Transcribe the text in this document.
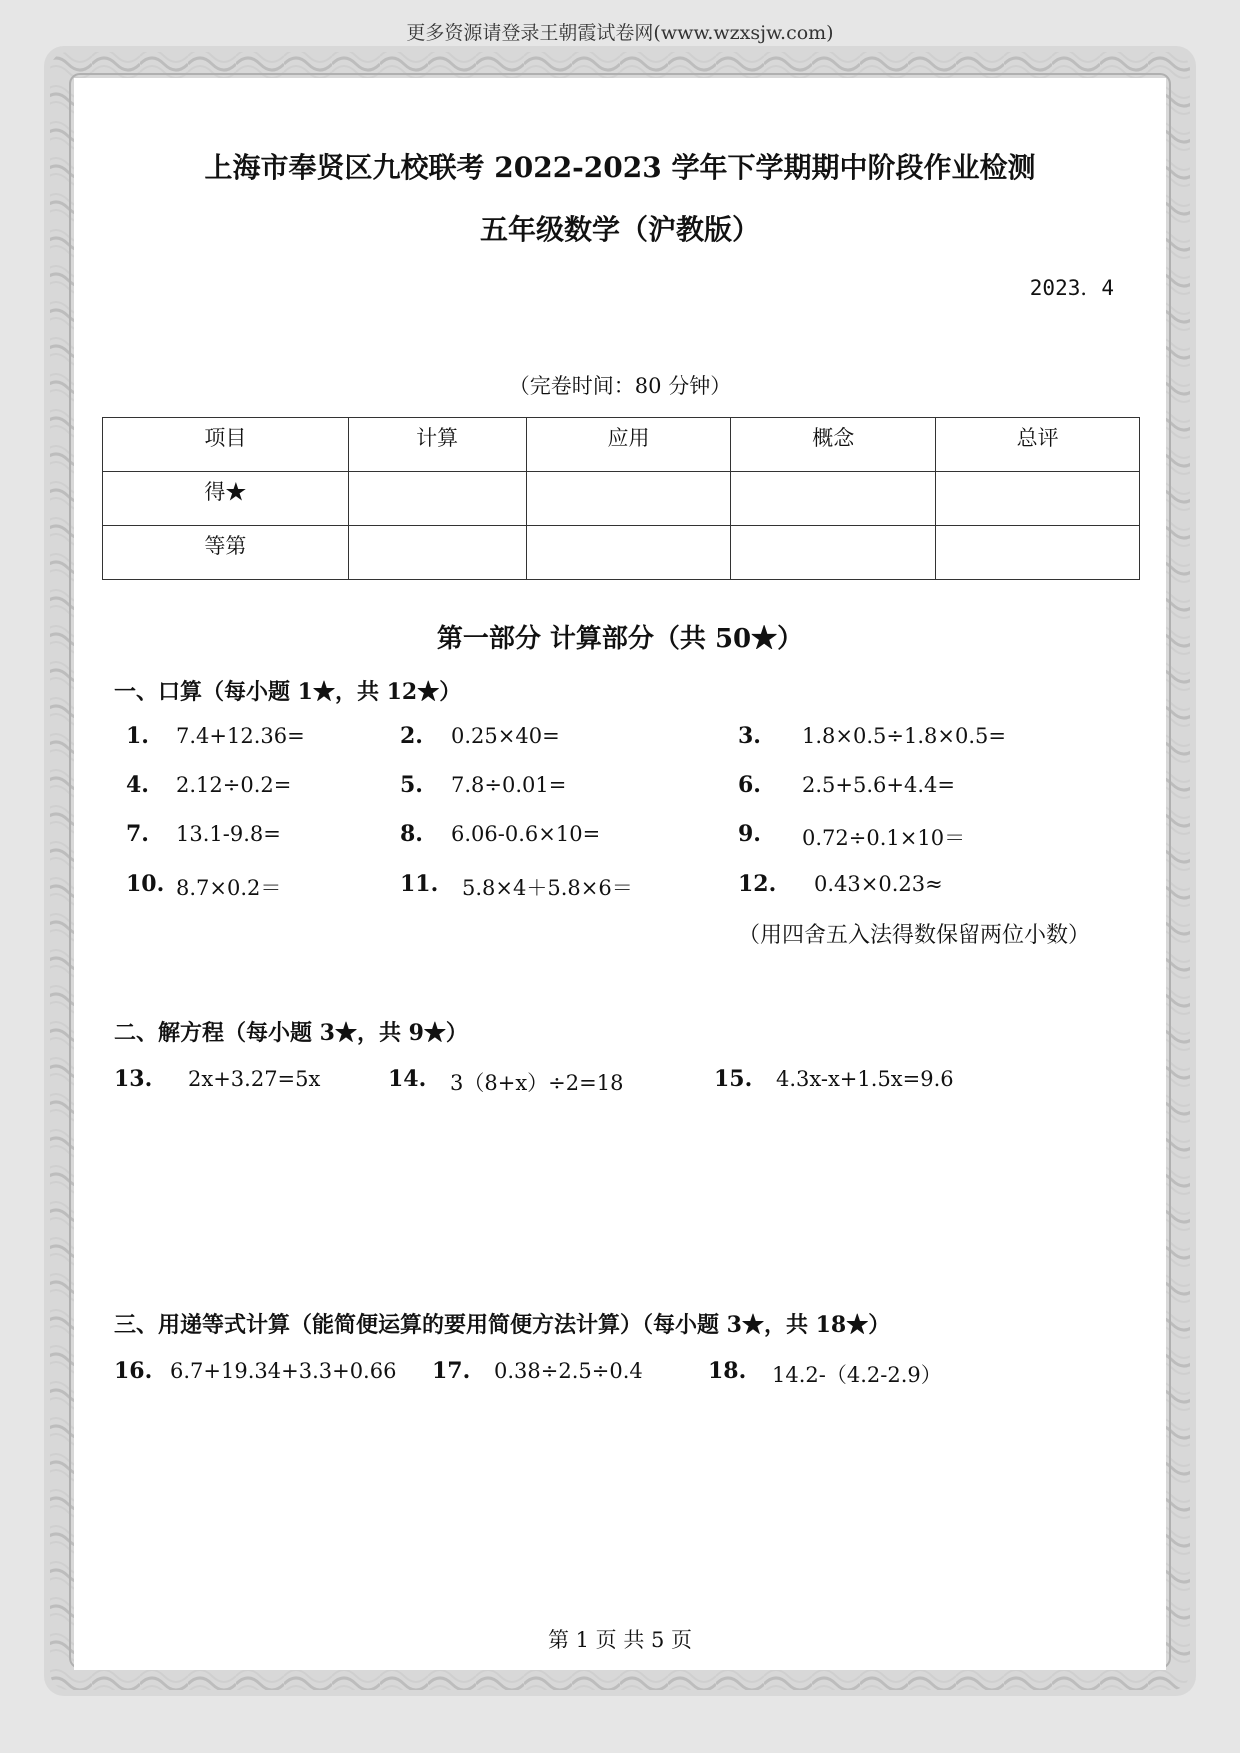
更多资源请登录王朝霞试卷网(www.wzxsjw.com)
上海市奉贤区九校联考 2022-2023 学年下学期期中阶段作业检测
五年级数学（沪教版）
2023．4
（完卷时间：80 分钟）
项目	计算	应用	概念	总评
得★				
等第				
第一部分 计算部分（共 50★）
一、口算（每小题 1★，共 12★）
1. 7.4+12.36=	2. 0.25×40=	3. 1.8×0.5÷1.8×0.5=
4. 2.12÷0.2=	5. 7.8÷0.01=	6. 2.5+5.6+4.4=
7. 13.1-9.8=	8. 6.06-0.6×10=	9. 0.72÷0.1×10＝
10. 8.7×0.2＝	11. 5.8×4＋5.8×6＝	12. 0.43×0.23≈
（用四舍五入法得数保留两位小数）
二、解方程（每小题 3★，共 9★）
13. 2x+3.27=5x	14. 3（8+x）÷2=18	15. 4.3x-x+1.5x=9.6
三、用递等式计算（能简便运算的要用简便方法计算）（每小题 3★，共 18★）
16. 6.7+19.34+3.3+0.66 17. 0.38÷2.5÷0.4	18. 14.2-（4.2-2.9）
第 1 页 共 5 页
